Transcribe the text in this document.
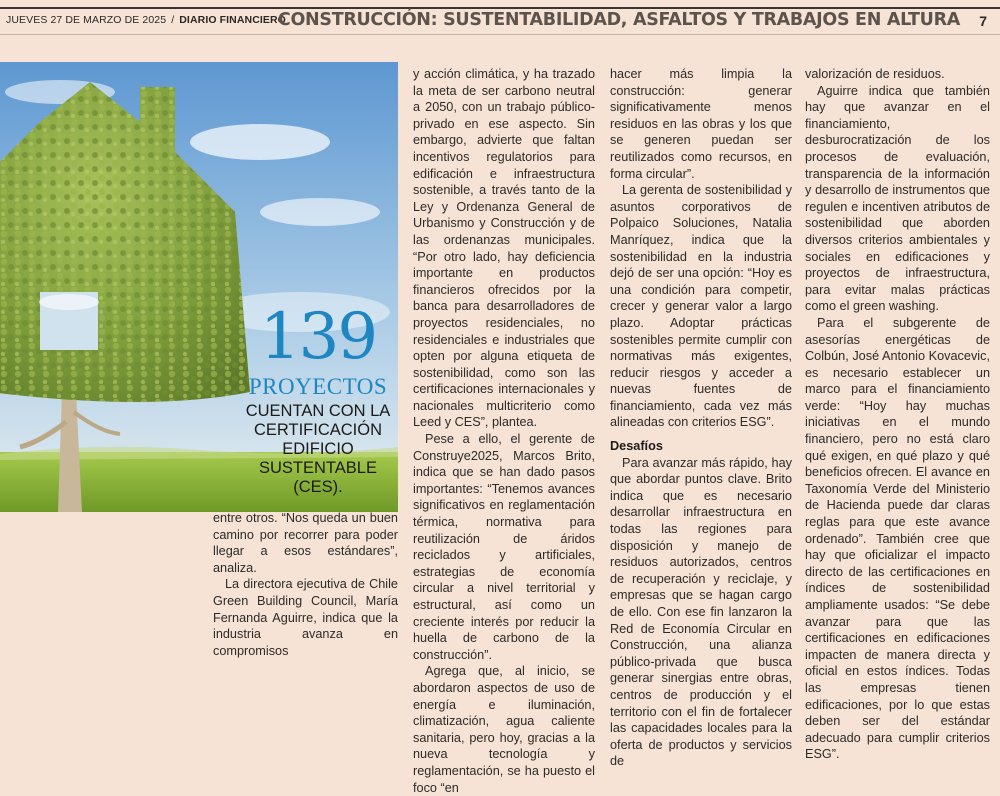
JUEVES 27 DE MARZO DE 2025 / DIARIO FINANCIERO
CONSTRUCCIÓN: SUSTENTABILIDAD, ASFALTOS Y TRABAJOS EN ALTURA 7
139
PROYECTOS
CUENTAN CON LA CERTIFICACIÓN EDIFICIO SUSTENTABLE (CES).

entre otros. “Nos queda un buen camino por recorrer para poder llegar a esos estándares”, analiza.

La directora ejecutiva de Chile Green Building Council, María Fernanda Aguirre, indica que la industria avanza en compromisos

y acción climática, y ha trazado la meta de ser carbono neutral a 2050, con un trabajo público-privado en ese aspecto. Sin embargo, advierte que faltan incentivos regulatorios para edificación e infraestructura sostenible, a través tanto de la Ley y Ordenanza General de Urbanismo y Construcción y de las ordenanzas municipales. “Por otro lado, hay deficiencia importante en productos financieros ofrecidos por la banca para desarrolladores de proyectos residenciales, no residenciales e industriales que opten por alguna etiqueta de sostenibilidad, como son las certificaciones internacionales y nacionales multicriterio como Leed y CES”, plantea.

Pese a ello, el gerente de Construye2025, Marcos Brito, indica que se han dado pasos importantes: “Tenemos avances significativos en reglamentación térmica, normativa para reutilización de áridos reciclados y artificiales, estrategias de economía circular a nivel territorial y estructural, así como un creciente interés por reducir la huella de carbono de la construcción”.

Agrega que, al inicio, se abordaron aspectos de uso de energía e iluminación, climatización, agua caliente sanitaria, pero hoy, gracias a la nueva tecnología y reglamentación, se ha puesto el foco “en

hacer más limpia la construcción: generar significativamente menos residuos en las obras y los que se generen puedan ser reutilizados como recursos, en forma circular”.

La gerenta de sostenibilidad y asuntos corporativos de Polpaico Soluciones, Natalia Manríquez, indica que la sostenibilidad en la industria dejó de ser una opción: “Hoy es una condición para competir, crecer y generar valor a largo plazo. Adoptar prácticas sostenibles permite cumplir con normativas más exigentes, reducir riesgos y acceder a nuevas fuentes de financiamiento, cada vez más alineadas con criterios ESG”.

Desafíos

Para avanzar más rápido, hay que abordar puntos clave. Brito indica que es necesario desarrollar infraestructura en todas las regiones para disposición y manejo de residuos autorizados, centros de recuperación y reciclaje, y empresas que se hagan cargo de ello. Con ese fin lanzaron la Red de Economía Circular en Construcción, una alianza público-privada que busca generar sinergias entre obras, centros de producción y el territorio con el fin de fortalecer las capacidades locales para la oferta de productos y servicios de

valorización de residuos.

Aguirre indica que también hay que avanzar en el financiamiento, desburocratización de los procesos de evaluación, transparencia de la información y desarrollo de instrumentos que regulen e incentiven atributos de sostenibilidad que aborden diversos criterios ambientales y sociales en edificaciones y proyectos de infraestructura, para evitar malas prácticas como el green washing.

Para el subgerente de asesorías energéticas de Colbún, José Antonio Kovacevic, es necesario establecer un marco para el financiamiento verde: “Hoy hay muchas iniciativas en el mundo financiero, pero no está claro qué exigen, en qué plazo y qué beneficios ofrecen. El avance en Taxonomía Verde del Ministerio de Hacienda puede dar claras reglas para que este avance ordenado”. También cree que hay que oficializar el impacto directo de las certificaciones en índices de sostenibilidad ampliamente usados: “Se debe avanzar para que las certificaciones en edificaciones impacten de manera directa y oficial en estos índices. Todas las empresas tienen edificaciones, por lo que estas deben ser del estándar adecuado para cumplir criterios ESG”.
